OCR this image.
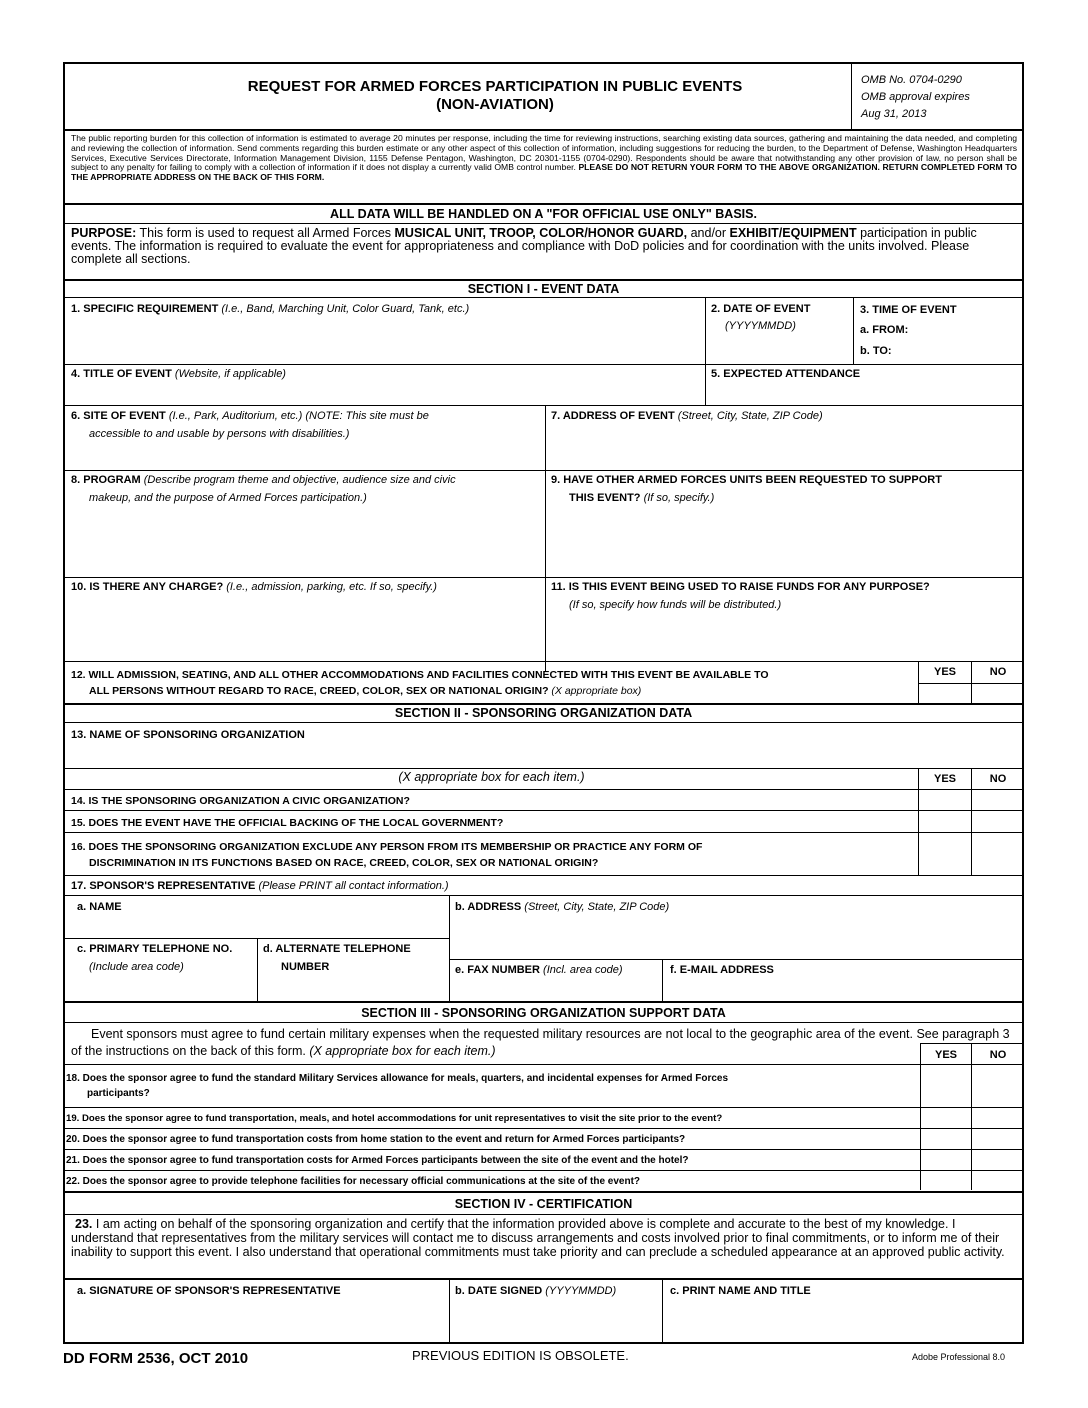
REQUEST FOR ARMED FORCES PARTICIPATION IN PUBLIC EVENTS
(NON-AVIATION)
OMB No. 0704-0290
OMB approval expires
Aug 31, 2013
The public reporting burden for this collection of information is estimated to average 20 minutes per response, including the time for reviewing instructions, searching existing data sources, gathering and maintaining the data needed, and completing and reviewing the collection of information. Send comments regarding this burden estimate or any other aspect of this collection of information, including suggestions for reducing the burden, to the Department of Defense, Washington Headquarters Services, Executive Services Directorate, Information Management Division, 1155 Defense Pentagon, Washington, DC 20301-1155 (0704-0290). Respondents should be aware that notwithstanding any other provision of law, no person shall be subject to any penalty for failing to comply with a collection of information if it does not display a currently valid OMB control number. PLEASE DO NOT RETURN YOUR FORM TO THE ABOVE ORGANIZATION. RETURN COMPLETED FORM TO THE APPROPRIATE ADDRESS ON THE BACK OF THIS FORM.
ALL DATA WILL BE HANDLED ON A "FOR OFFICIAL USE ONLY" BASIS.
PURPOSE: This form is used to request all Armed Forces MUSICAL UNIT, TROOP, COLOR/HONOR GUARD, and/or EXHIBIT/EQUIPMENT participation in public events. The information is required to evaluate the event for appropriateness and compliance with DoD policies and for coordination with the units involved. Please complete all sections.
SECTION I - EVENT DATA
1. SPECIFIC REQUIREMENT (I.e., Band, Marching Unit, Color Guard, Tank, etc.)	2. DATE OF EVENT
(YYYYMMDD)
3. TIME OF EVENT
a. FROM:
b. TO:
4. TITLE OF EVENT (Website, if applicable)	5. EXPECTED ATTENDANCE
6. SITE OF EVENT (I.e., Park, Auditorium, etc.) (NOTE: This site must be
accessible to and usable by persons with disabilities.)
7. ADDRESS OF EVENT (Street, City, State, ZIP Code)
8. PROGRAM (Describe program theme and objective, audience size and civic
makeup, and the purpose of Armed Forces participation.)
9. HAVE OTHER ARMED FORCES UNITS BEEN REQUESTED TO SUPPORT
THIS EVENT? (If so, specify.)
10. IS THERE ANY CHARGE? (I.e., admission, parking, etc. If so, specify.)	11. IS THIS EVENT BEING USED TO RAISE FUNDS FOR ANY PURPOSE?
(If so, specify how funds will be distributed.)
12. WILL ADMISSION, SEATING, AND ALL OTHER ACCOMMODATIONS AND FACILITIES CONNECTED WITH THIS EVENT BE AVAILABLE TO
ALL PERSONS WITHOUT REGARD TO RACE, CREED, COLOR, SEX OR NATIONAL ORIGIN? (X appropriate box)
YES	NO
SECTION II - SPONSORING ORGANIZATION DATA
13. NAME OF SPONSORING ORGANIZATION
(X appropriate box for each item.)	YES	NO
14. IS THE SPONSORING ORGANIZATION A CIVIC ORGANIZATION?
15. DOES THE EVENT HAVE THE OFFICIAL BACKING OF THE LOCAL GOVERNMENT?
16. DOES THE SPONSORING ORGANIZATION EXCLUDE ANY PERSON FROM ITS MEMBERSHIP OR PRACTICE ANY FORM OF
DISCRIMINATION IN ITS FUNCTIONS BASED ON RACE, CREED, COLOR, SEX OR NATIONAL ORIGIN?
17. SPONSOR'S REPRESENTATIVE (Please PRINT all contact information.)
a. NAME	b. ADDRESS (Street, City, State, ZIP Code)
c. PRIMARY TELEPHONE NO.
(Include area code)
d. ALTERNATE TELEPHONE
NUMBER	e. FAX NUMBER (Incl. area code)	f. E-MAIL ADDRESS
SECTION III - SPONSORING ORGANIZATION SUPPORT DATA
Event sponsors must agree to fund certain military expenses when the requested military resources are not local to the geographic area of the event. See paragraph 3 of the instructions on the back of this form. (X appropriate box for each item.)	YES	NO
18. Does the sponsor agree to fund the standard Military Services allowance for meals, quarters, and incidental expenses for Armed Forces
participants?
19. Does the sponsor agree to fund transportation, meals, and hotel accommodations for unit representatives to visit the site prior to the event?
20. Does the sponsor agree to fund transportation costs from home station to the event and return for Armed Forces participants?
21. Does the sponsor agree to fund transportation costs for Armed Forces participants between the site of the event and the hotel?
22. Does the sponsor agree to provide telephone facilities for necessary official communications at the site of the event?
SECTION IV - CERTIFICATION
23. I am acting on behalf of the sponsoring organization and certify that the information provided above is complete and accurate to the best of my knowledge. I understand that representatives from the military services will contact me to discuss arrangements and costs involved prior to final commitments, or to inform me of their inability to support this event. I also understand that operational commitments must take priority and can preclude a scheduled appearance at an approved public activity.
a. SIGNATURE OF SPONSOR'S REPRESENTATIVE	b. DATE SIGNED (YYYYMMDD)	c. PRINT NAME AND TITLE
DD FORM 2536, OCT 2010	PREVIOUS EDITION IS OBSOLETE.	Adobe Professional 8.0
